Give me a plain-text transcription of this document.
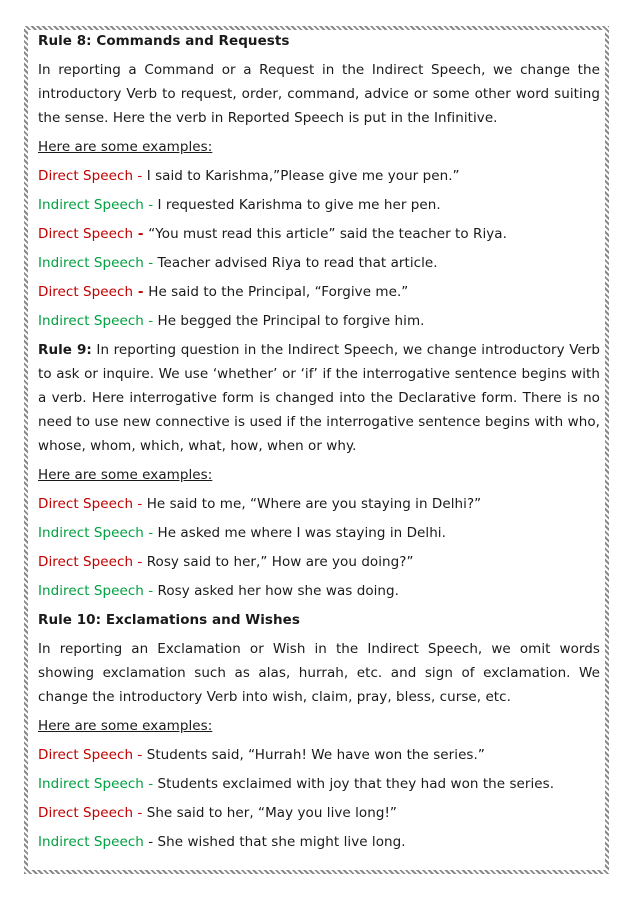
Rule 8: Commands and Requests

In reporting a Command or a Request in the Indirect Speech, we change the introductory Verb to request, order, command, advice or some other word suiting the sense. Here the verb in Reported Speech is put in the Infinitive.

Here are some examples:

Direct Speech - I said to Karishma,”Please give me your pen.”

Indirect Speech - I requested Karishma to give me her pen.

Direct Speech - “You must read this article” said the teacher to Riya.

Indirect Speech - Teacher advised Riya to read that article.

Direct Speech - He said to the Principal, “Forgive me.”

Indirect Speech - He begged the Principal to forgive him.

Rule 9: In reporting question in the Indirect Speech, we change introductory Verb to ask or inquire. We use ‘whether’ or ‘if’ if the interrogative sentence begins with a verb. Here interrogative form is changed into the Declarative form. There is no need to use new connective is used if the interrogative sentence begins with who, whose, whom, which, what, how, when or why.

Here are some examples:

Direct Speech - He said to me, “Where are you staying in Delhi?”

Indirect Speech - He asked me where I was staying in Delhi.

Direct Speech - Rosy said to her,” How are you doing?”

Indirect Speech - Rosy asked her how she was doing.

Rule 10: Exclamations and Wishes

In reporting an Exclamation or Wish in the Indirect Speech, we omit words showing exclamation such as alas, hurrah, etc. and sign of exclamation. We change the introductory Verb into wish, claim, pray, bless, curse, etc.

Here are some examples:

Direct Speech - Students said, “Hurrah! We have won the series.”

Indirect Speech - Students exclaimed with joy that they had won the series.

Direct Speech - She said to her, “May you live long!”

Indirect Speech - She wished that she might live long.
